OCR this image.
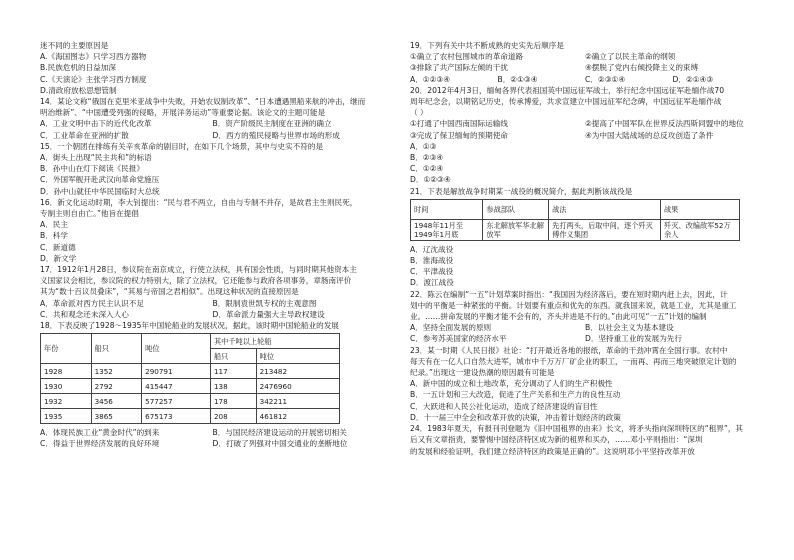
迷不同的主要原因是
A.《海国图志》只学习西方器物
B.民族危机的日益加深
C.《天演论》主张学习西方制度
D.清政府放松思想管制
14．某论文称“俄国在克里米亚战争中失败，开始农奴制改革”、“日本遭遇黑船来航的冲击，继而
明治维新”、“中国遭受列强的侵略，开展洋务运动”等重要论据。该论文的主题可能是
A．工业文明中击下的近代化改革	B．资产阶级民主制度在亚洲的确立
C．工业革命在亚洲的扩散	D．西方的殖民侵略与世界市场的形成
15．一个朝团在排练有关辛亥革命的剧目时，在如下几个场景，其中与史实不符的是
A．街头上出现“民主共和”的标语
B．孙中山在灯下阅读《民报》
C．外国军舰开赴武汉向革命党施压
D．孙中山就任中华民国临时大总统
16．新文化运动时期，李大钊提出：“民与君不两立，自由与专制不并存，是故君主生则民死，
专制主则自由亡。”他旨在提倡
A．民主
B．科学
C．新道德
D．新文学
17．1912年1月28日，参议院在南京成立，行使立法权，具有国会性质，与同时期其他资本主
义国家议会相比，参议院的权力特别大，除了立法权，它还能参与政府各项事务，章肠南评价
其为“数十百议员叠床”，“其易与帝国之君相似”。出现这种状况的直接原因是
A．革命派对西方民主认识不足	B．限制袁世凯专权的主观意图
C．共和观念还未深入人心	D．革命派力量强大主导政权建设
18．下表反映了1928～1935年中国轮船业的发展状况，据此，该时期中国轮船业的发展
年份	船只	吨位	其中千吨以上轮船	
			船只	吨位
1928	1352	290791	117	213482
1930	2792	415447	138	2476960
1932	3456	577257	178	342211
1935	3865	675173	208	461812
A．体现民族工业“黄金时代”的到来	B．与国民经济建设运动的开展密切相关
C．得益于世界经济发展的良好环境	D．打破了列强对中国交通业的垄断地位
19．下列有关中共不断成熟的史实先后顺序是
①确立了农村包围城市的革命道路	②确立了以民主革命的纲领
③排除了共产国际左倾的干扰	④摆脱了党内右倾投降主义的束缚
A．①②③④	B．②①③④	C．②③①④	D．②①④③
20．2012年4月3日，缅甸各界代表祖国英中国远征军战士，举行纪念中国远征军赴缅作战70
周年纪念会，以期铭记历史，传承博爱，共求宣建立中国远征军纪念碑，中国远征军赴缅作战
（ ）
①打通了中国西南国际运输线	②提高了中国军队在世界反法西斯同盟中的地位
③完成了保卫缅甸的预期使命	④为中国大陆战场的总反攻创造了条件
A．①③
B．②③④
C．①②④
D．①②③④
21．下表是解放战争时期某一战役的概况简介，据此判断该战役是
时间	参战部队	战法	战果
1948年11月至1949年1月底	东北解放军华北解放军	先打两头，后取中间，逐个歼灭傅作义集团	歼灭、改编敌军52万余人
A．辽沈战役
B．淮海战役
C．平津战役
D．渡江战役
22．陈云在编制“一五”计划草案时指出：“我国因为经济落后，要在短时期内赶上去，因此，计
划中的平衡是一种紧张的平衡。计划要有重点和优先的东西。就我国来说，就是工业，尤其是重工
业。……拼命发展的平衡才能不会有的，齐头并进是不行的。”由此可见“一五”计划的编制
A．坚持全面发展的原则	B．以社会主义为基本建设
C．参考苏美国家的经济水平	D．坚持重工业的发展为先行
23．某一时期《人民日报》社论：“打开最近各地的报纸，革命的干劲冲霄在全国行事。农村中
每天有在一亿人口自然大进军，城市中千万万厂矿企业的职工，一而再、再而三地突破原定计划的
纪录。”出现这一建设热潮的原因最有可能是
A．新中国的成立和土地改革，充分调动了人们的生产积极性
B．一五计划和三大改造，促进了生产关系和生产力的良性互动
C．大跃进和人民公社化运动，造成了经济建设的盲目性
D．十一届三中全会和改革开放的决策，冲击着计划经济的政策
24．1983年夏天，有报刊刊登题为《旧中国租界的由来》长文，将矛头指向深圳特区的“租界”，其
后又有文章指责，要警惕中国经济特区成为新的租界和买办，……邓小平则指出：“深圳
的发展和经验证明，我们建立经济特区的政策是正确的”。这说明邓小平坚持改革开放
